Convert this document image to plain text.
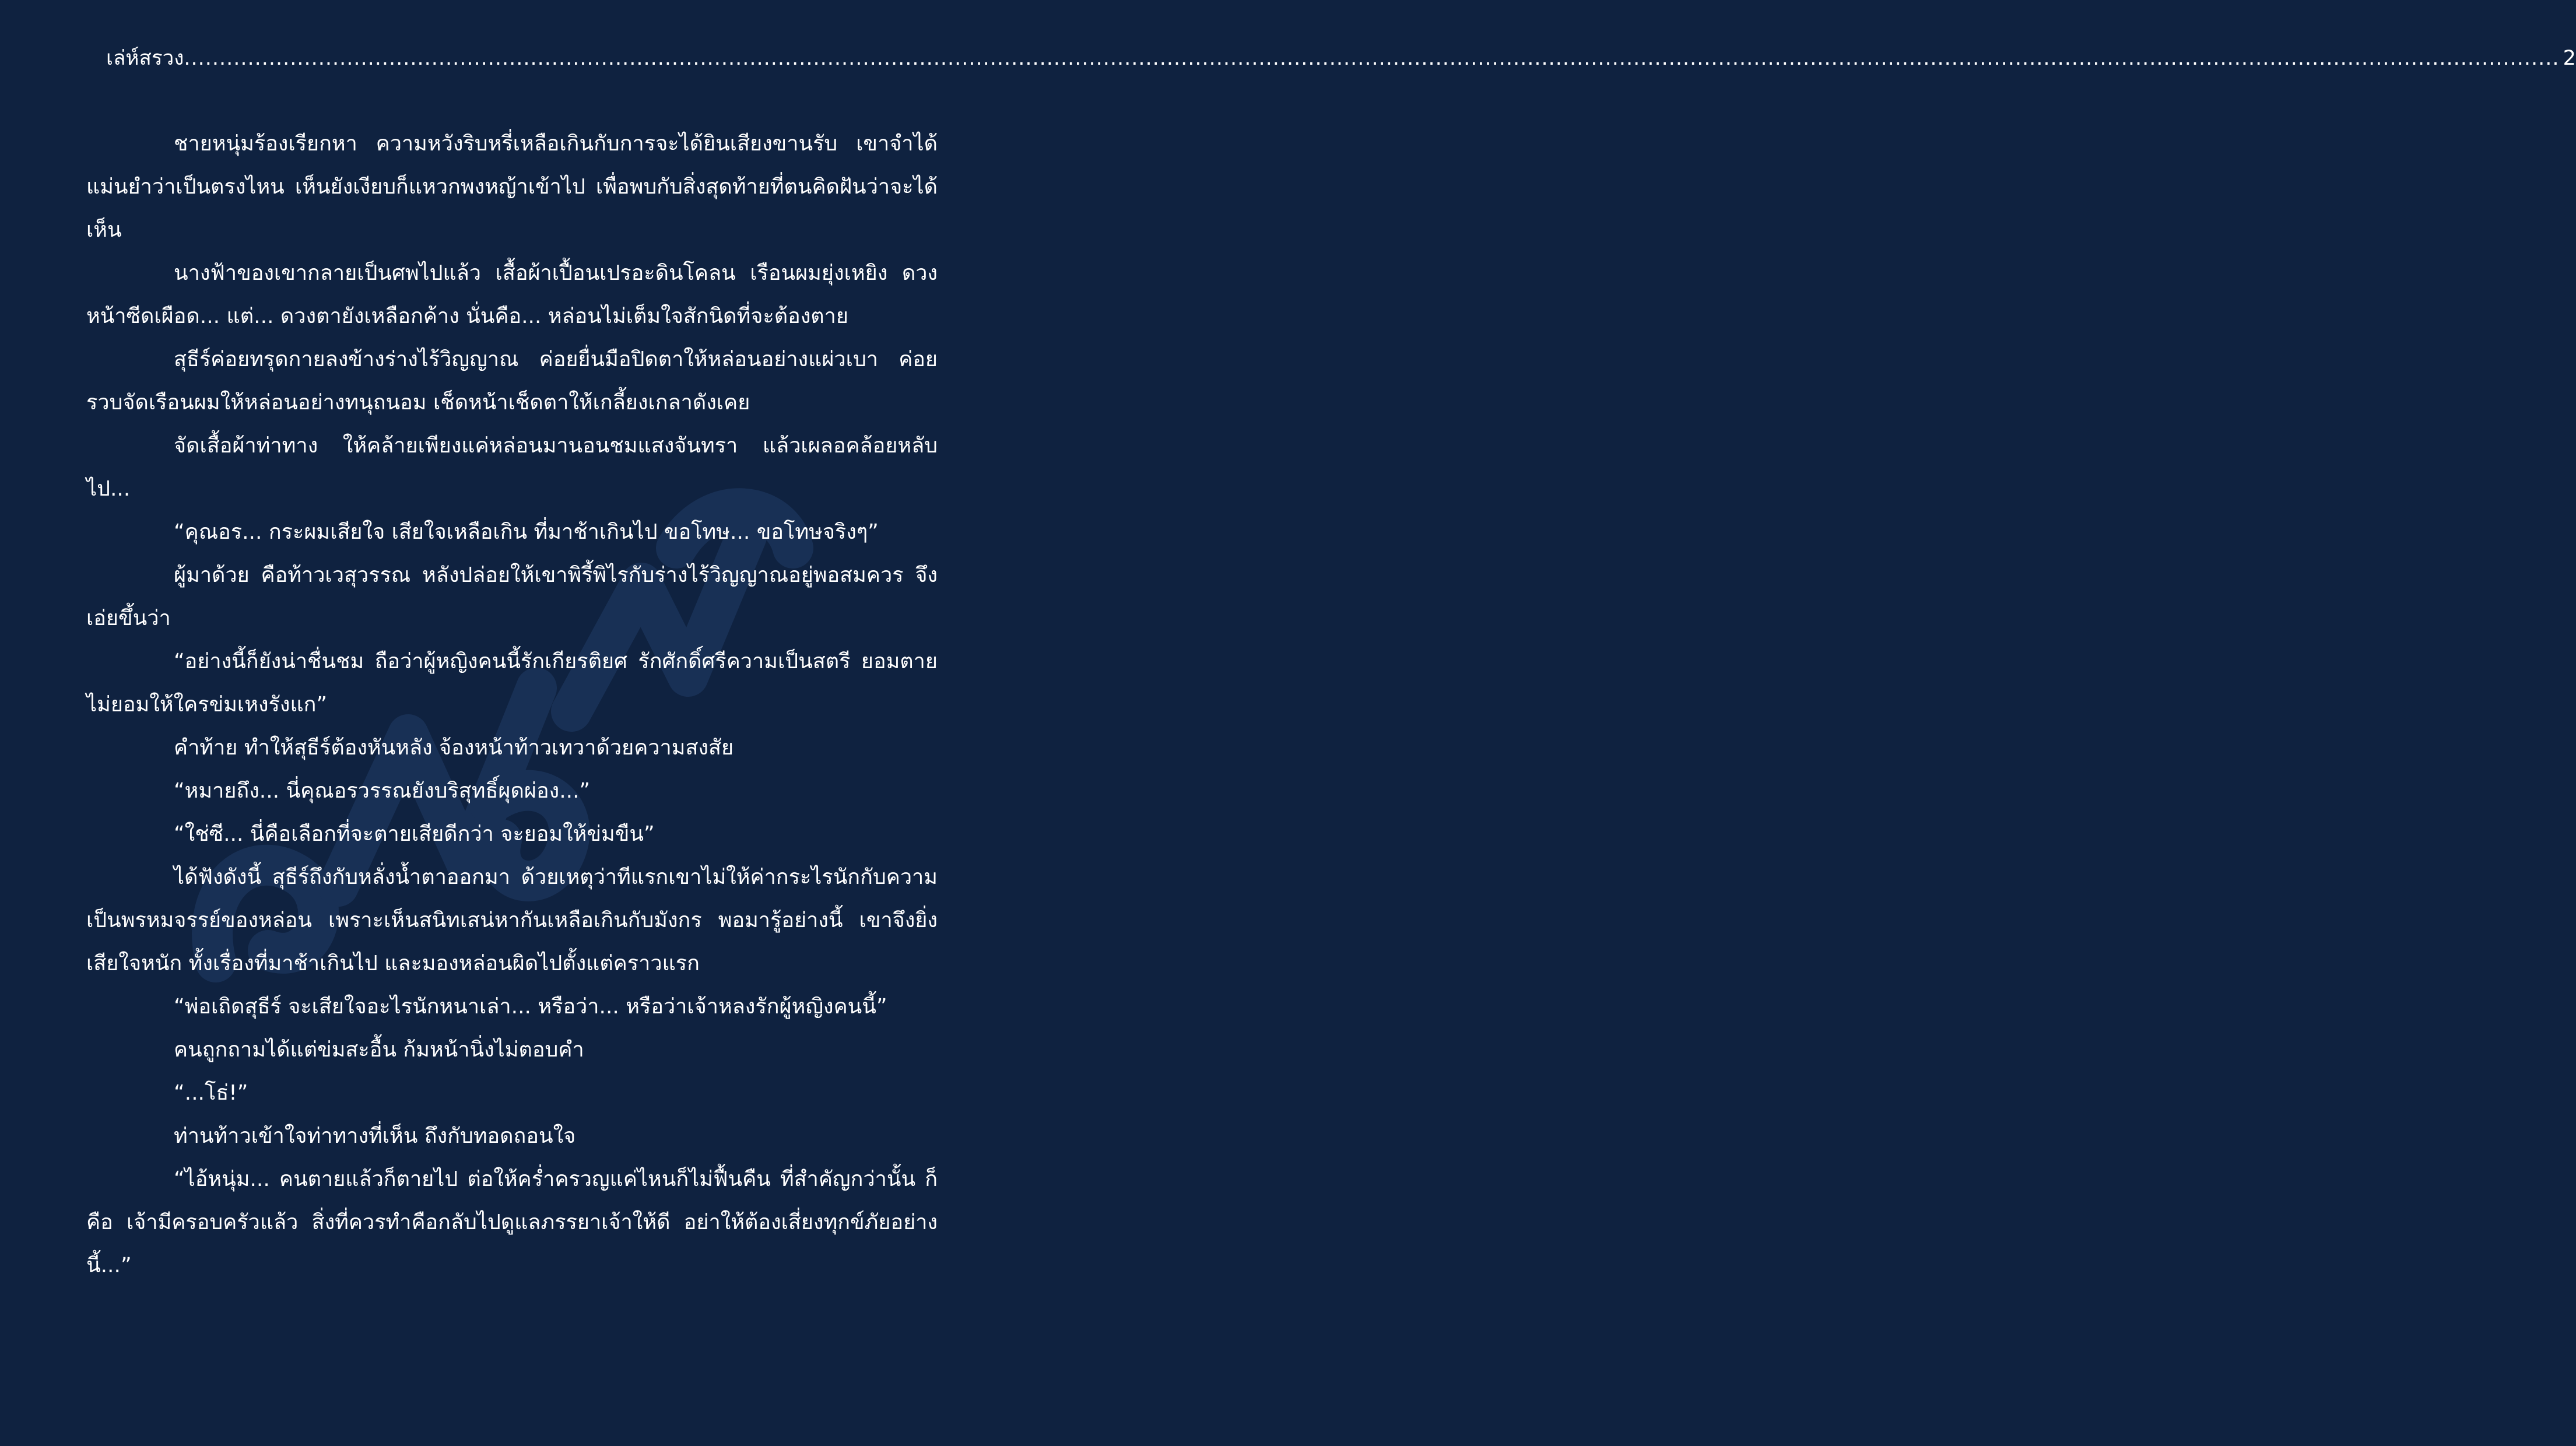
เล่ห์สรวง ................................................................................................................................................................................................................................................................................................................................................ 2

ชายหนุ่มร้องเรียกหา ความหวังริบหรี่เหลือเกินกับการจะได้ยินเสียงขานรับ เขาจำได้แม่นยำว่าเป็นตรงไหน เห็นยังเงียบก็แหวกพงหญ้าเข้าไป เพื่อพบกับสิ่งสุดท้ายที่ตนคิดฝันว่าจะได้เห็น

นางฟ้าของเขากลายเป็นศพไปแล้ว เสื้อผ้าเปื้อนเปรอะดินโคลน เรือนผมยุ่งเหยิง ดวงหน้าซีดเผือด... แต่... ดวงตายังเหลือกค้าง นั่นคือ... หล่อนไม่เต็มใจสักนิดที่จะต้องตาย

สุธีร์ค่อยทรุดกายลงข้างร่างไร้วิญญาณ ค่อยยื่นมือปิดตาให้หล่อนอย่างแผ่วเบา ค่อยรวบจัดเรือนผมให้หล่อนอย่างทนุถนอม เช็ดหน้าเช็ดตาให้เกลี้ยงเกลาดังเคย

จัดเสื้อผ้าท่าทาง ให้คล้ายเพียงแค่หล่อนมานอนชมแสงจันทรา แล้วเผลอคล้อยหลับไป...

“คุณอร... กระผมเสียใจ เสียใจเหลือเกิน ที่มาช้าเกินไป ขอโทษ... ขอโทษจริงๆ”

ผู้มาด้วย คือท้าวเวสุวรรณ หลังปล่อยให้เขาพิรี้พิไรกับร่างไร้วิญญาณอยู่พอสมควร จึงเอ่ยขึ้นว่า

“อย่างนี้ก็ยังน่าชื่นชม ถือว่าผู้หญิงคนนี้รักเกียรติยศ รักศักดิ์ศรีความเป็นสตรี ยอมตายไม่ยอมให้ใครข่มเหงรังแก”

คำท้าย ทำให้สุธีร์ต้องหันหลัง จ้องหน้าท้าวเทวาด้วยความสงสัย

“หมายถึง... นี่คุณอรวรรณยังบริสุทธิ์ผุดผ่อง...”

“ใช่ซี... นี่คือเลือกที่จะตายเสียดีกว่า จะยอมให้ข่มขืน”

ได้ฟังดังนี้ สุธีร์ถึงกับหลั่งน้ำตาออกมา ด้วยเหตุว่าทีแรกเขาไม่ให้ค่ากระไรนักกับความเป็นพรหมจรรย์ของหล่อน เพราะเห็นสนิทเสน่หากันเหลือเกินกับมังกร พอมารู้อย่างนี้ เขาจึงยิ่งเสียใจหนัก ทั้งเรื่องที่มาช้าเกินไป และมองหล่อนผิดไปตั้งแต่คราวแรก

“พ่อเถิดสุธีร์ จะเสียใจอะไรนักหนาเล่า... หรือว่า... หรือว่าเจ้าหลงรักผู้หญิงคนนี้”

คนถูกถามได้แต่ข่มสะอื้น ก้มหน้านิ่งไม่ตอบคำ

“...โธ่!”

ท่านท้าวเข้าใจท่าทางที่เห็น ถึงกับทอดถอนใจ

“ไอ้หนุ่ม... คนตายแล้วก็ตายไป ต่อให้คร่ำครวญแค่ไหนก็ไม่ฟื้นคืน ที่สำคัญกว่านั้น ก็คือ เจ้ามีครอบครัวแล้ว สิ่งที่ควรทำคือกลับไปดูแลภรรยาเจ้าให้ดี อย่าให้ต้องเสี่ยงทุกข์ภัยอย่างนี้...”
